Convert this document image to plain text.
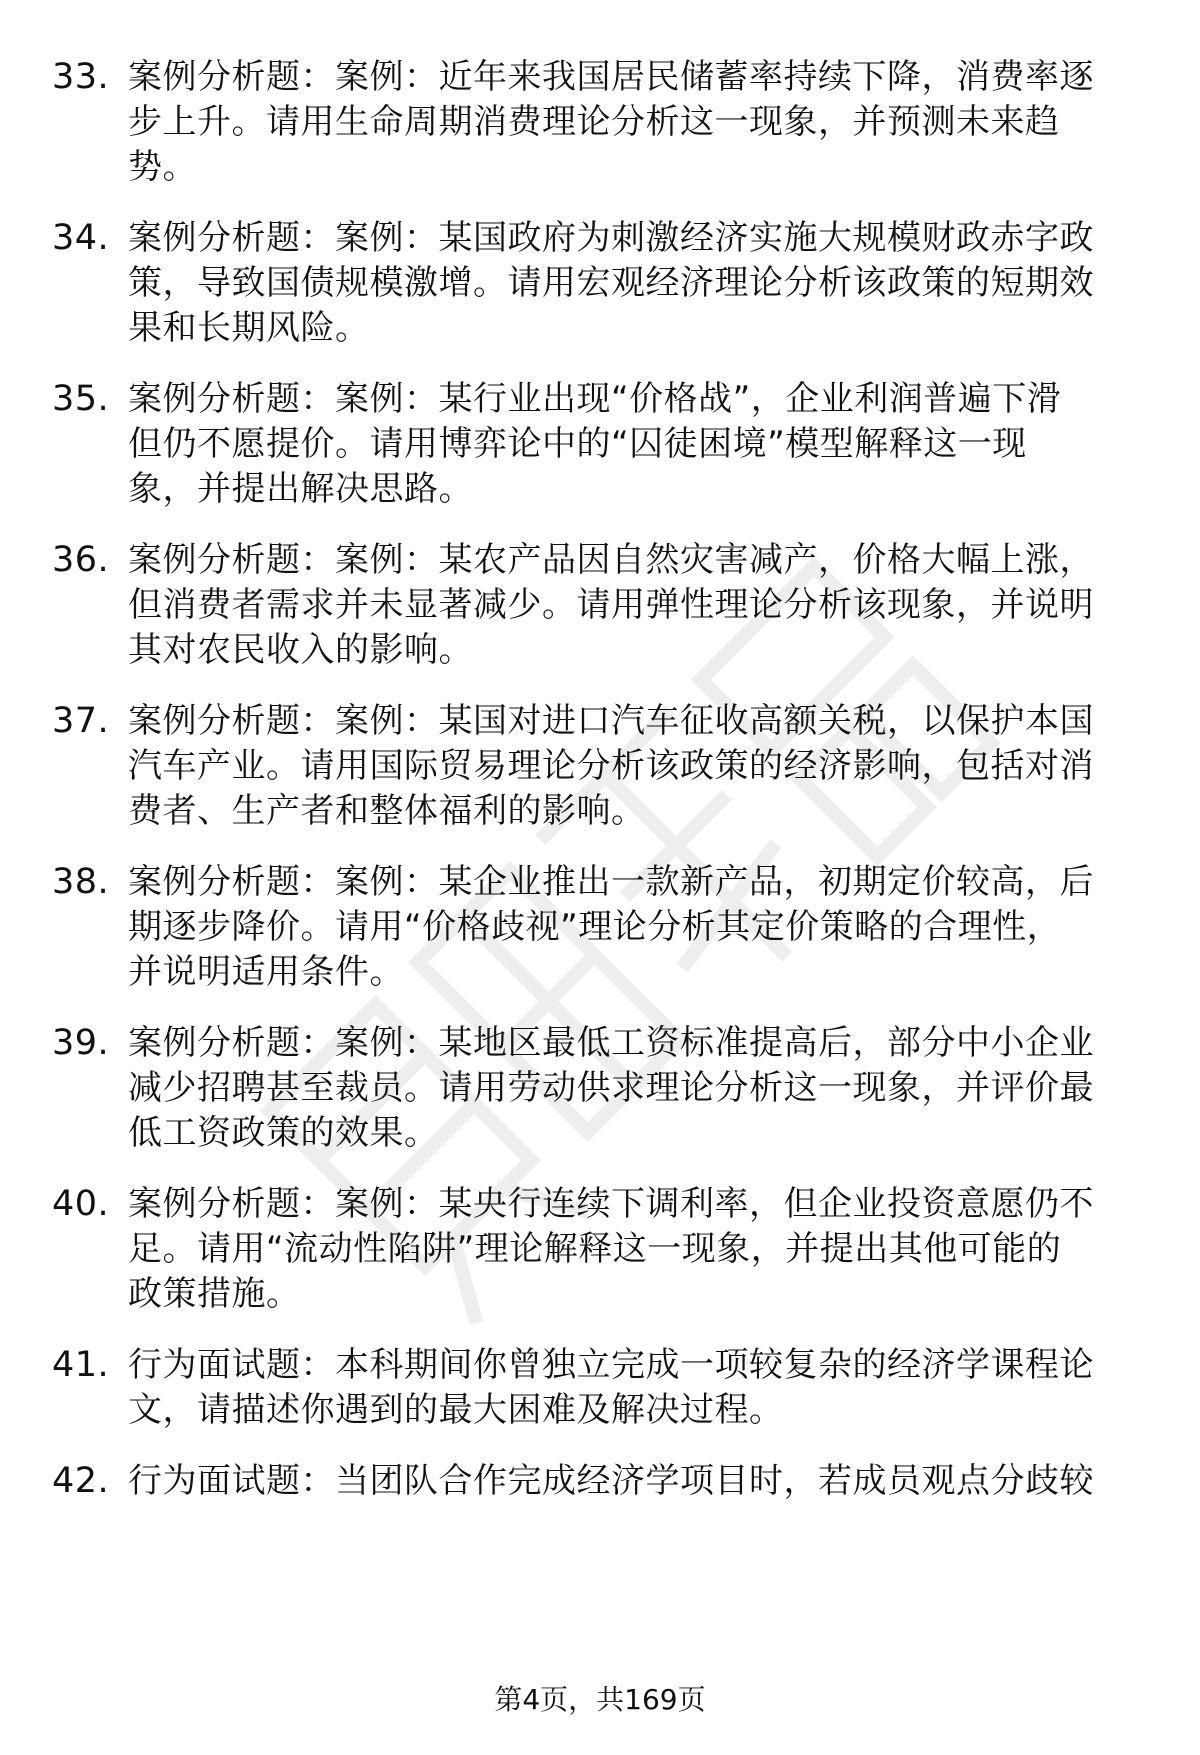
33. 案例分析题：案例：近年来我国居民储蓄率持续下降，消费率逐
步上升。请用生命周期消费理论分析这一现象，并预测未来趋
势。
34. 案例分析题：案例：某国政府为刺激经济实施大规模财政赤字政
策，导致国债规模激增。请用宏观经济理论分析该政策的短期效
果和长期风险。
35. 案例分析题：案例：某行业出现“价格战”，企业利润普遍下滑
但仍不愿提价。请用博弈论中的“囚徒困境”模型解释这一现
象，并提出解决思路。
36. 案例分析题：案例：某农产品因自然灾害减产，价格大幅上涨，
但消费者需求并未显著减少。请用弹性理论分析该现象，并说明
其对农民收入的影响。
37. 案例分析题：案例：某国对进口汽车征收高额关税，以保护本国
汽车产业。请用国际贸易理论分析该政策的经济影响，包括对消
费者、生产者和整体福利的影响。
38. 案例分析题：案例：某企业推出一款新产品，初期定价较高，后
期逐步降价。请用“价格歧视”理论分析其定价策略的合理性，
并说明适用条件。
39. 案例分析题：案例：某地区最低工资标准提高后，部分中小企业
减少招聘甚至裁员。请用劳动供求理论分析这一现象，并评价最
低工资政策的效果。
40. 案例分析题：案例：某央行连续下调利率，但企业投资意愿仍不
足。请用“流动性陷阱”理论解释这一现象，并提出其他可能的
政策措施。
41. 行为面试题：本科期间你曾独立完成一项较复杂的经济学课程论
文，请描述你遇到的最大困难及解决过程。
42. 行为面试题：当团队合作完成经济学项目时，若成员观点分歧较
第4页，共169页
